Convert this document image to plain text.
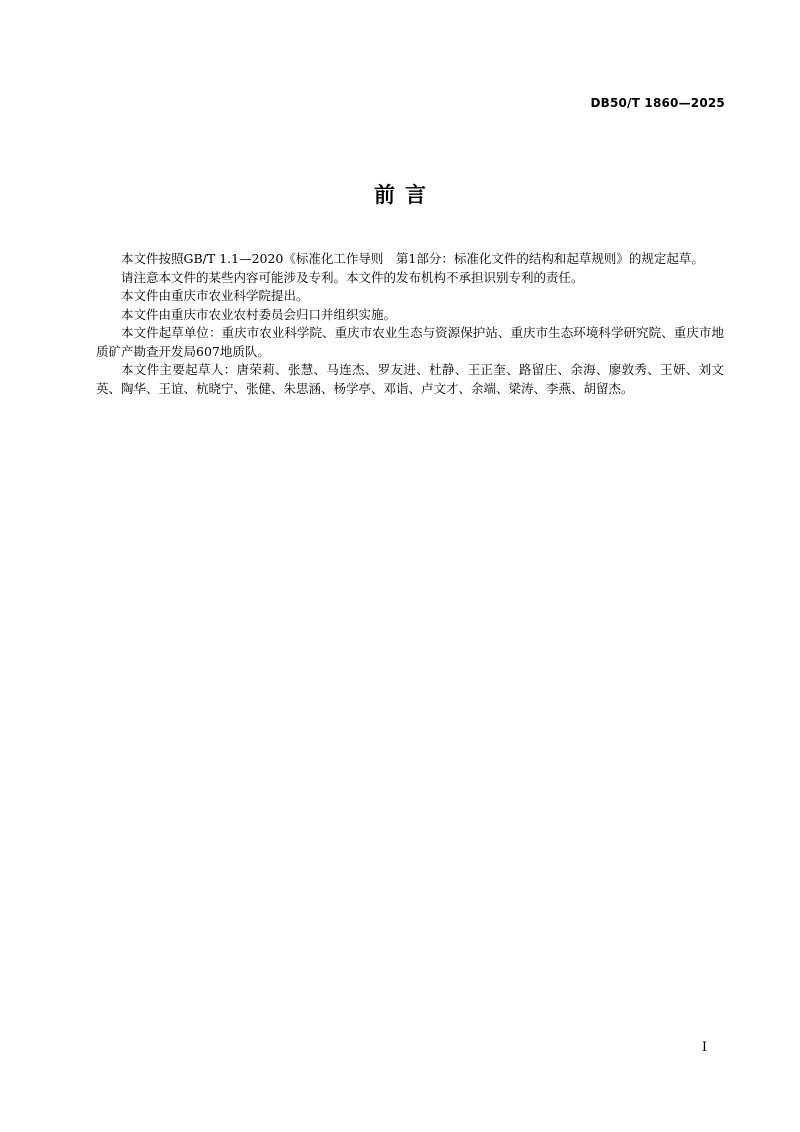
DB50/T 1860—2025
前言

本文件按照GB/T 1.1—2020《标准化工作导则　第1部分：标准化文件的结构和起草规则》的规定起草。

请注意本文件的某些内容可能涉及专利。本文件的发布机构不承担识别专利的责任。

本文件由重庆市农业科学院提出。

本文件由重庆市农业农村委员会归口并组织实施。

本文件起草单位：重庆市农业科学院、重庆市农业生态与资源保护站、重庆市生态环境科学研究院、重庆市地质矿产勘查开发局607地质队。

本文件主要起草人：唐荣莉、张慧、马连杰、罗友进、杜静、王正奎、路留庄、余海、廖敦秀、王妍、刘文英、陶华、王谊、杭晓宁、张健、朱思涵、杨学亭、邓诣、卢文才、余端、梁涛、李燕、胡留杰。

I
